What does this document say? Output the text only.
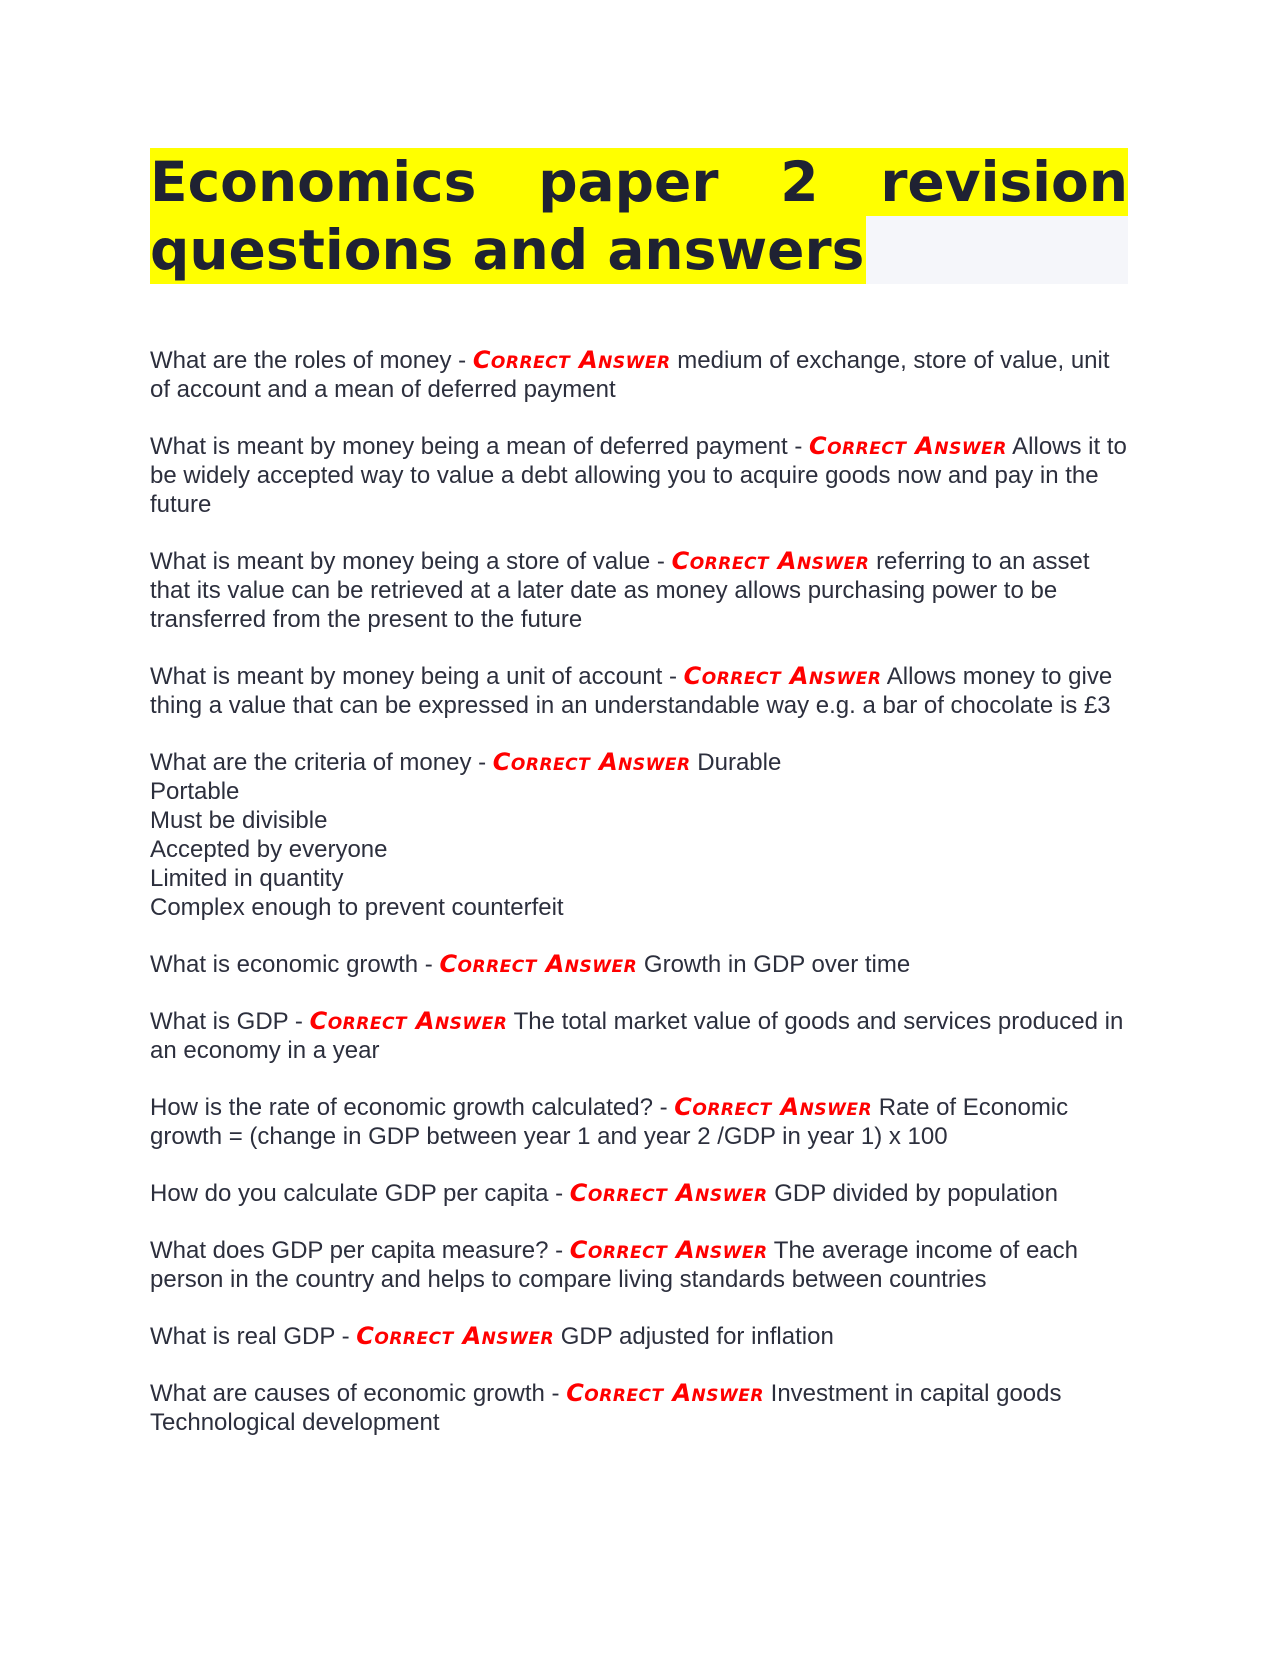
Economics paper 2 revision
questions and answers

What are the roles of money - Correct Answer medium of exchange, store of value, unit of account and a mean of deferred payment

What is meant by money being a mean of deferred payment - Correct Answer Allows it to be widely accepted way to value a debt allowing you to acquire goods now and pay in the future

What is meant by money being a store of value - Correct Answer referring to an asset that its value can be retrieved at a later date as money allows purchasing power to be transferred from the present to the future

What is meant by money being a unit of account - Correct Answer Allows money to give thing a value that can be expressed in an understandable way e.g. a bar of chocolate is £3

What are the criteria of money - Correct Answer Durable
Portable
Must be divisible
Accepted by everyone
Limited in quantity
Complex enough to prevent counterfeit

What is economic growth - Correct Answer Growth in GDP over time

What is GDP - Correct Answer The total market value of goods and services produced in an economy in a year

How is the rate of economic growth calculated? - Correct Answer Rate of Economic growth = (change in GDP between year 1 and year 2 /GDP in year 1) x 100

How do you calculate GDP per capita - Correct Answer GDP divided by population

What does GDP per capita measure? - Correct Answer The average income of each person in the country and helps to compare living standards between countries

What is real GDP - Correct Answer GDP adjusted for inflation

What are causes of economic growth - Correct Answer Investment in capital goods
Technological development
